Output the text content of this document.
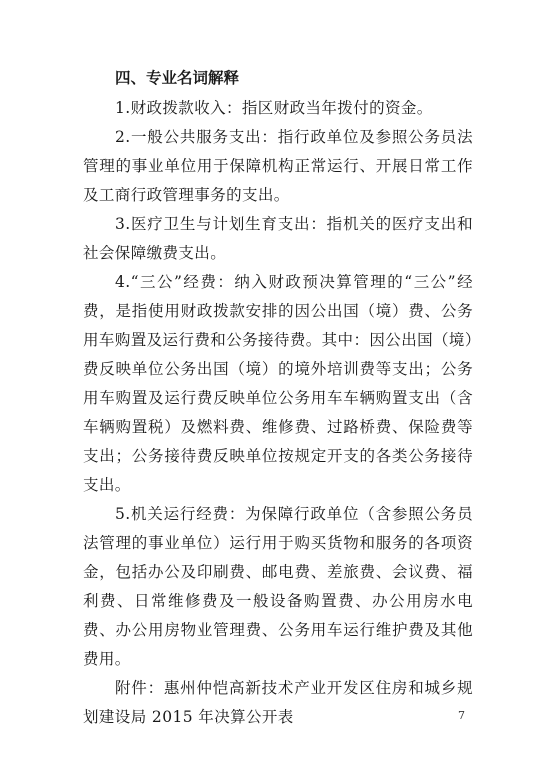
四、专业名词解释

1.财政拨款收入：指区财政当年拨付的资金。

2.一般公共服务支出：指行政单位及参照公务员法管理的事业单位用于保障机构正常运行、开展日常工作及工商行政管理事务的支出。

3.医疗卫生与计划生育支出：指机关的医疗支出和社会保障缴费支出。

4.“三公”经费：纳入财政预决算管理的“三公”经费，是指使用财政拨款安排的因公出国（境）费、公务用车购置及运行费和公务接待费。其中：因公出国（境）费反映单位公务出国（境）的境外培训费等支出；公务用车购置及运行费反映单位公务用车车辆购置支出（含车辆购置税）及燃料费、维修费、过路桥费、保险费等支出；公务接待费反映单位按规定开支的各类公务接待支出。

5.机关运行经费：为保障行政单位（含参照公务员法管理的事业单位）运行用于购买货物和服务的各项资金，包括办公及印刷费、邮电费、差旅费、会议费、福利费、日常维修费及一般设备购置费、办公用房水电费、办公用房物业管理费、公务用车运行维护费及其他费用。

附件：惠州仲恺高新技术产业开发区住房和城乡规划建设局 2015 年决算公开表	7
